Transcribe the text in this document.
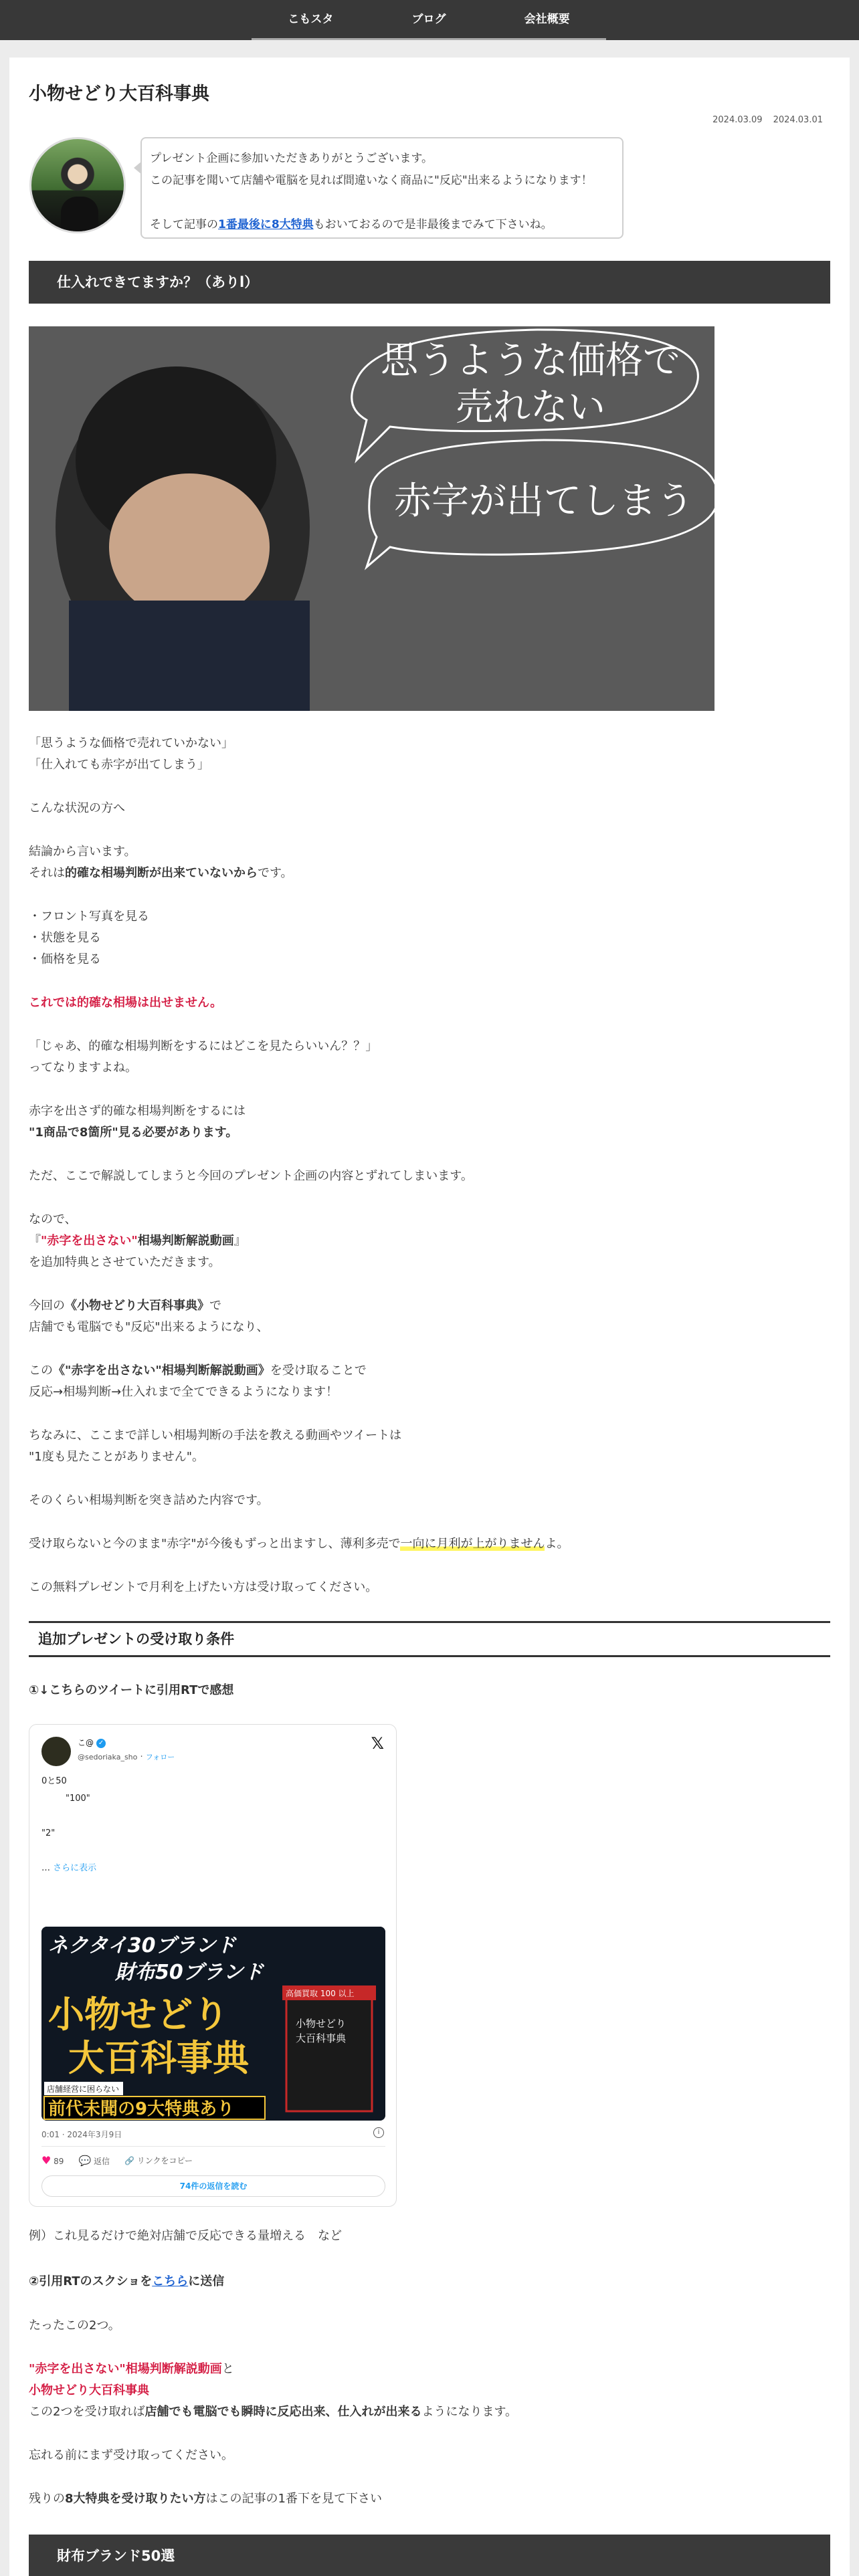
こもスタ	ブログ	会社概要
小物せどり大百科事典
2024.03.09 2024.03.01
プレゼント企画に参加いただきありがとうございます。
この記事を聞いて店舗や電脳を見れば間違いなく商品に"反応"出来るようになります！
そして記事の1番最後に8大特典もおいておるので是非最後までみて下さいね。
仕入れできてますか？（ありl）
思うような価格で
売れない
赤字が出てしまう
「思うような価格で売れていかない」
「仕入れても赤字が出てしまう」
こんな状況の方へ
結論から言います。
それは的確な相場判断が出来ていないからです。
・フロント写真を見る
・状態を見る
・価格を見る
これでは的確な相場は出せません。
「じゃあ、的確な相場判断をするにはどこを見たらいいん？？」
ってなりますよね。
赤字を出さず的確な相場判断をするには
"1商品で8箇所"見る必要があります。
ただ、ここで解説してしまうと今回のプレゼント企画の内容とずれてしまいます。
なので、
『"赤字を出さない"相場判断解説動画』
を追加特典とさせていただきます。
今回の《小物せどり大百科事典》で
店舗でも電脳でも"反応"出来るようになり、
この《"赤字を出さない"相場判断解説動画》を受け取ることで
反応→相場判断→仕入れまで全てできるようになります！
ちなみに、ここまで詳しい相場判断の手法を教える動画やツイートは
"1度も見たことがありません"。
そのくらい相場判断を突き詰めた内容です。
受け取らないと今のまま"赤字"が今後もずっと出ますし、薄利多売で一向に月利が上がりませんよ。
この無料プレゼントで月利を上げたい方は受け取ってください。
追加プレゼントの受け取り条件
①↓こちらのツイートに引用RTで感想
こ@ ✓
@sedoriaka_sho · フォロー
𝕏
0と50
"100"
"2"
… さらに表示
ネクタイ30ブランド
財布50ブランド
小物せどり
大百科事典
店舗経営に困らない
前代未聞の9大特典あり
高価買取 100 以上
小物せどり
大百科事典
0:01 · 2024年3月9日	i
♥ 89 💬 返信 🔗 リンクをコピー
74件の返信を読む
例）これ見るだけで絶対店舗で反応できる量増える　など
②引用RTのスクショをこちらに送信
たったこの2つ。
"赤字を出さない"相場判断解説動画と
小物せどり大百科事典
この2つを受け取れば店舗でも電脳でも瞬時に反応出来、仕入れが出来るようになります。
忘れる前にまず受け取ってください。
残りの8大特典を受け取りたい方はこの記事の1番下を見て下さい
財布ブランド50選
